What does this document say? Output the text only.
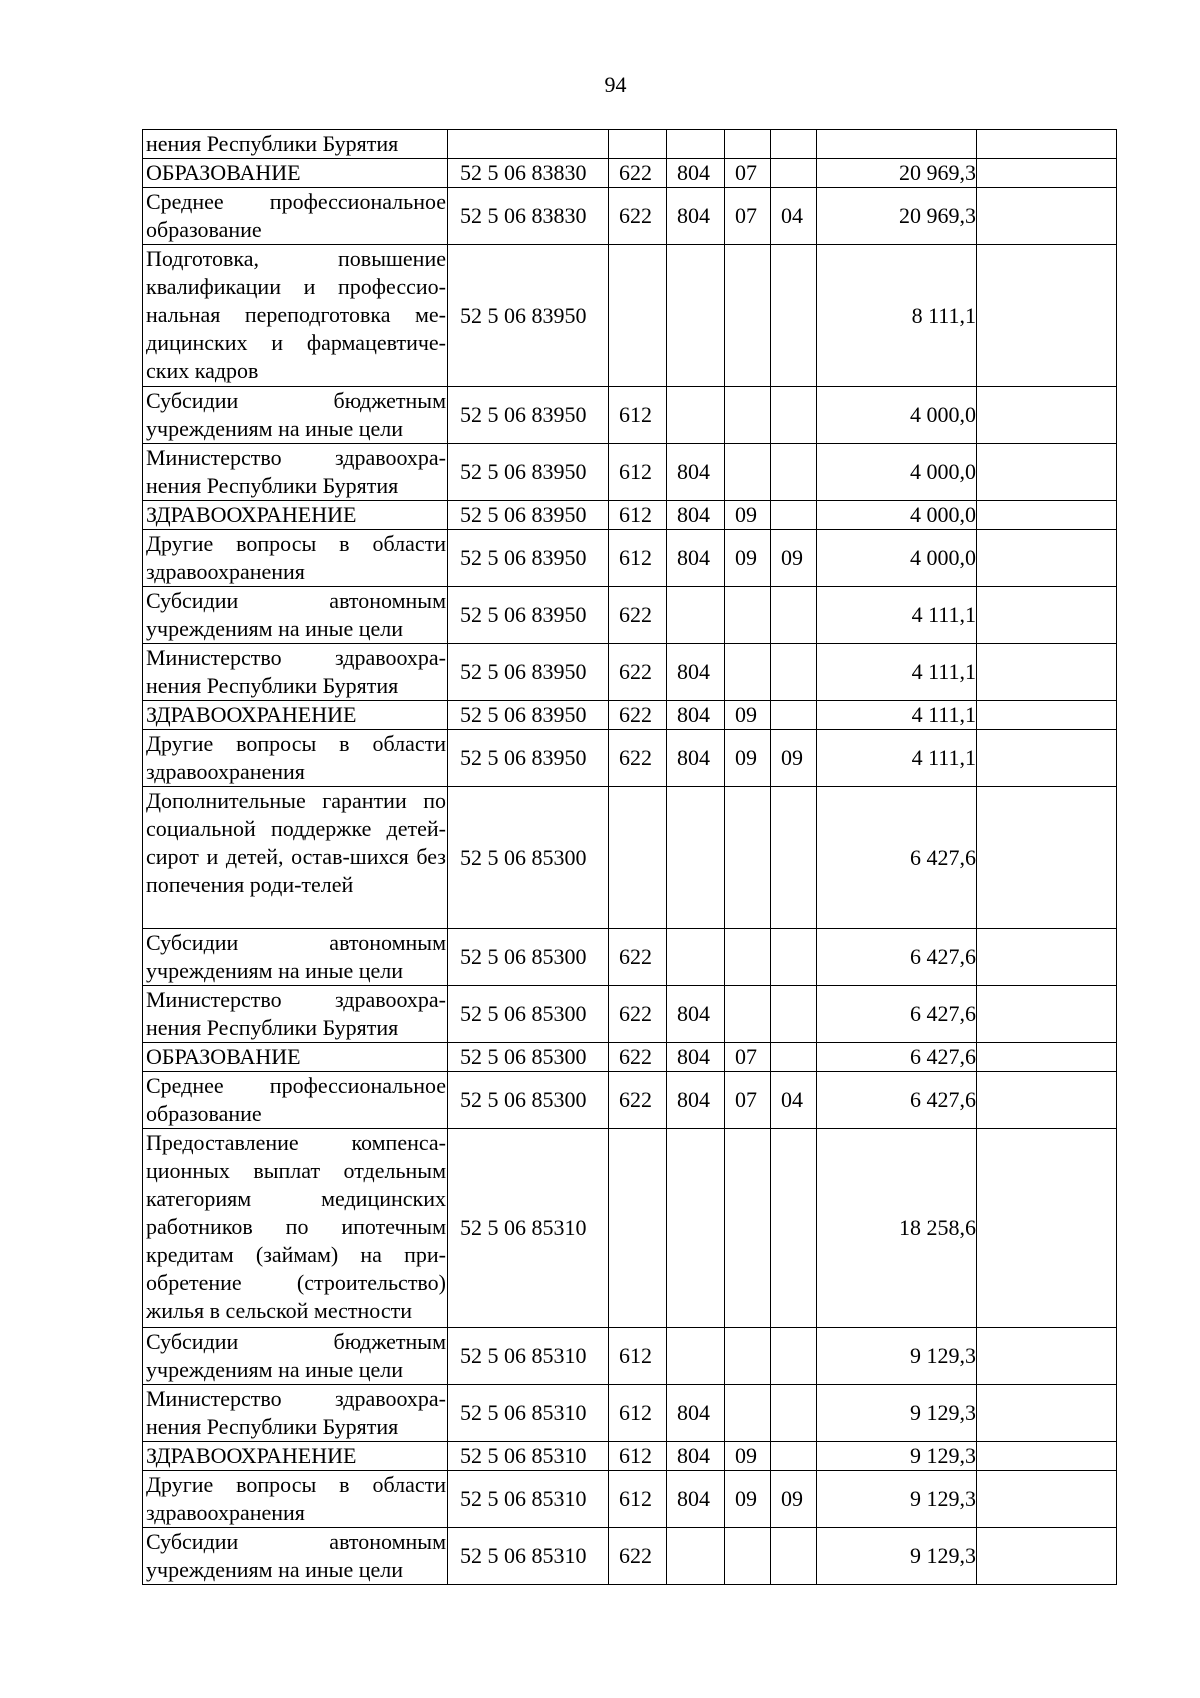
94
нения Республики Бурятия							
ОБРАЗОВАНИЕ	52 5 06 83830	622	804	07		20 969,3	
Среднее профессиональное образование	52 5 06 83830	622	804	07	04	20 969,3	
Подготовка, повышение квалификации и профессио-нальная переподготовка ме-дицинских и фармацевтиче-ских кадров	52 5 06 83950					8 111,1	
Субсидии бюджетным учреждениям на иные цели	52 5 06 83950	612				4 000,0	
Министерство здравоохра-нения Республики Бурятия	52 5 06 83950	612	804			4 000,0	
ЗДРАВООХРАНЕНИЕ	52 5 06 83950	612	804	09		4 000,0	
Другие вопросы в области здравоохранения	52 5 06 83950	612	804	09	09	4 000,0	
Субсидии автономным учреждениям на иные цели	52 5 06 83950	622				4 111,1	
Министерство здравоохра-нения Республики Бурятия	52 5 06 83950	622	804			4 111,1	
ЗДРАВООХРАНЕНИЕ	52 5 06 83950	622	804	09		4 111,1	
Другие вопросы в области здравоохранения	52 5 06 83950	622	804	09	09	4 111,1	
Дополнительные гарантии по социальной поддержке детей-сирот и детей, остав-шихся без попечения роди-телей	52 5 06 85300					6 427,6	
Субсидии автономным учреждениям на иные цели	52 5 06 85300	622				6 427,6	
Министерство здравоохра-нения Республики Бурятия	52 5 06 85300	622	804			6 427,6	
ОБРАЗОВАНИЕ	52 5 06 85300	622	804	07		6 427,6	
Среднее профессиональное образование	52 5 06 85300	622	804	07	04	6 427,6	
Предоставление компенса-ционных выплат отдельным категориям медицинских работников по ипотечным кредитам (займам) на при-обретение (строительство) жилья в сельской местности	52 5 06 85310					18 258,6	
Субсидии бюджетным учреждениям на иные цели	52 5 06 85310	612				9 129,3	
Министерство здравоохра-нения Республики Бурятия	52 5 06 85310	612	804			9 129,3	
ЗДРАВООХРАНЕНИЕ	52 5 06 85310	612	804	09		9 129,3	
Другие вопросы в области здравоохранения	52 5 06 85310	612	804	09	09	9 129,3	
Субсидии автономным учреждениям на иные цели	52 5 06 85310	622				9 129,3	
